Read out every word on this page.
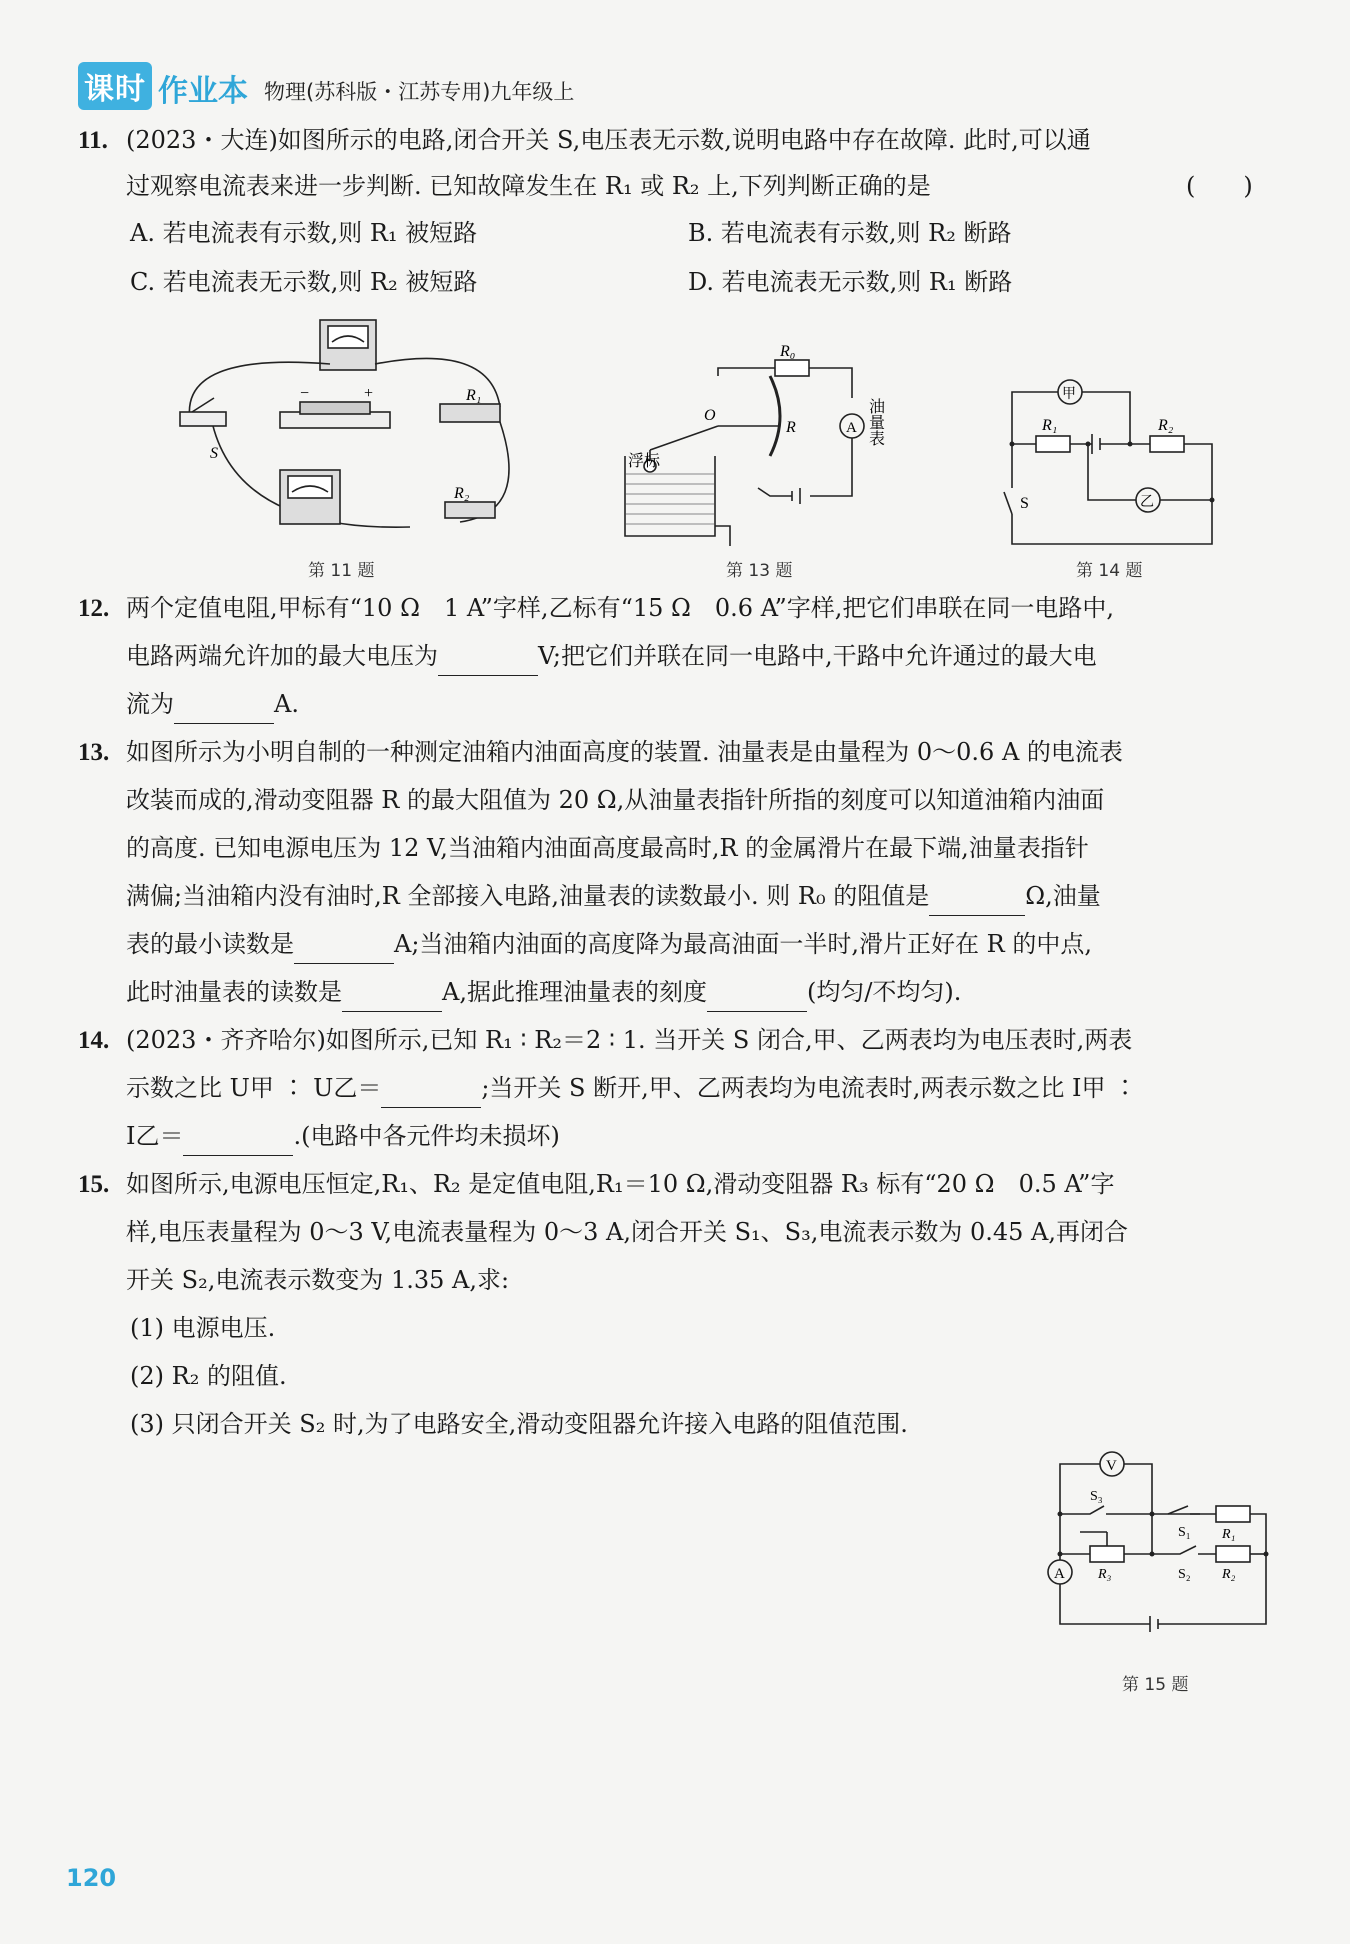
课时 作业本 物理(苏科版・江苏专用)九年级上
11. (2023・大连)如图所示的电路,闭合开关 S,电压表无示数,说明电路中存在故障. 此时,可以通
过观察电流表来进一步判断. 已知故障发生在 R₁ 或 R₂ 上,下列判断正确的是	(　　)
A. 若电流表有示数,则 R₁ 被短路	B. 若电流表有示数,则 R₂ 断路
C. 若电流表无示数,则 R₂ 被短路	D. 若电流表无示数,则 R₁ 断路
S
R₁
R₂
−	+
第 11 题
R₀
O
R	A
浮标
油量表
第 13 题
甲
乙
R₁	R₂
S
第 14 题
12. 两个定值电阻,甲标有“10 Ω　1 A”字样,乙标有“15 Ω　0.6 A”字样,把它们串联在同一电路中,
电路两端允许加的最大电压为	V;把它们并联在同一电路中,干路中允许通过的最大电
流为	A.
13. 如图所示为小明自制的一种测定油箱内油面高度的装置. 油量表是由量程为 0～0.6 A 的电流表
改装而成的,滑动变阻器 R 的最大阻值为 20 Ω,从油量表指针所指的刻度可以知道油箱内油面
的高度. 已知电源电压为 12 V,当油箱内油面高度最高时,R 的金属滑片在最下端,油量表指针
满偏;当油箱内没有油时,R 全部接入电路,油量表的读数最小. 则 R₀ 的阻值是	Ω,油量
表的最小读数是	A;当油箱内油面的高度降为最高油面一半时,滑片正好在 R 的中点,
此时油量表的读数是	A,据此推理油量表的刻度	(均匀/不均匀).
14. (2023・齐齐哈尔)如图所示,已知 R₁ ∶ R₂＝2 ∶ 1. 当开关 S 闭合,甲、乙两表均为电压表时,两表
示数之比 U甲 ∶ U乙＝	;当开关 S 断开,甲、乙两表均为电流表时,两表示数之比 I甲 ∶
I乙＝	.(电路中各元件均未损坏)
15. 如图所示,电源电压恒定,R₁、R₂ 是定值电阻,R₁＝10 Ω,滑动变阻器 R₃ 标有“20 Ω　0.5 A”字
样,电压表量程为 0～3 V,电流表量程为 0～3 A,闭合开关 S₁、S₃,电流表示数为 0.45 A,再闭合
开关 S₂,电流表示数变为 1.35 A,求:
(1) 电源电压.
(2) R₂ 的阻值.
(3) 只闭合开关 S₂ 时,为了电路安全,滑动变阻器允许接入电路的阻值范围.
V
A
S₃
S₁
S₂
R₁
R₂
R₃
第 15 题
120
